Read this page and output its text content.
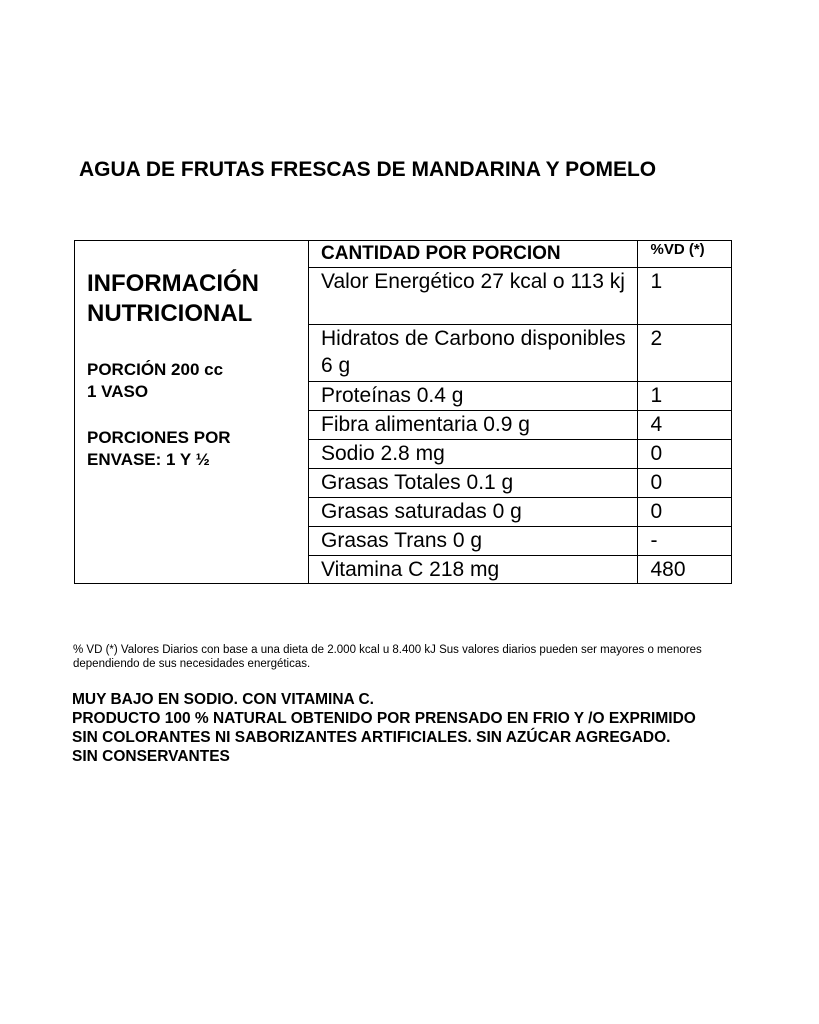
AGUA DE FRUTAS FRESCAS DE MANDARINA Y POMELO
INFORMACIÓN
NUTRICIONAL
PORCIÓN 200 cc
1 VASO
PORCIONES POR
ENVASE: 1 Y ½
CANTIDAD POR PORCION	%VD (*)
Valor Energético 27 kcal o 113 kj	1
Hidratos de Carbono disponibles 6 g	2
Proteínas 0.4 g	1
Fibra alimentaria 0.9 g	4
Sodio 2.8 mg	0
Grasas Totales 0.1 g	0
Grasas saturadas 0 g	0
Grasas Trans 0 g	-
Vitamina C 218 mg	480
% VD (*) Valores Diarios con base a una dieta de 2.000 kcal u 8.400 kJ Sus valores diarios pueden ser mayores o menores dependiendo de sus necesidades energéticas.
MUY BAJO EN SODIO. CON VITAMINA C.
PRODUCTO 100 % NATURAL OBTENIDO POR PRENSADO EN FRIO Y /O EXPRIMIDO
SIN COLORANTES NI SABORIZANTES ARTIFICIALES. SIN AZÚCAR AGREGADO.
SIN CONSERVANTES
